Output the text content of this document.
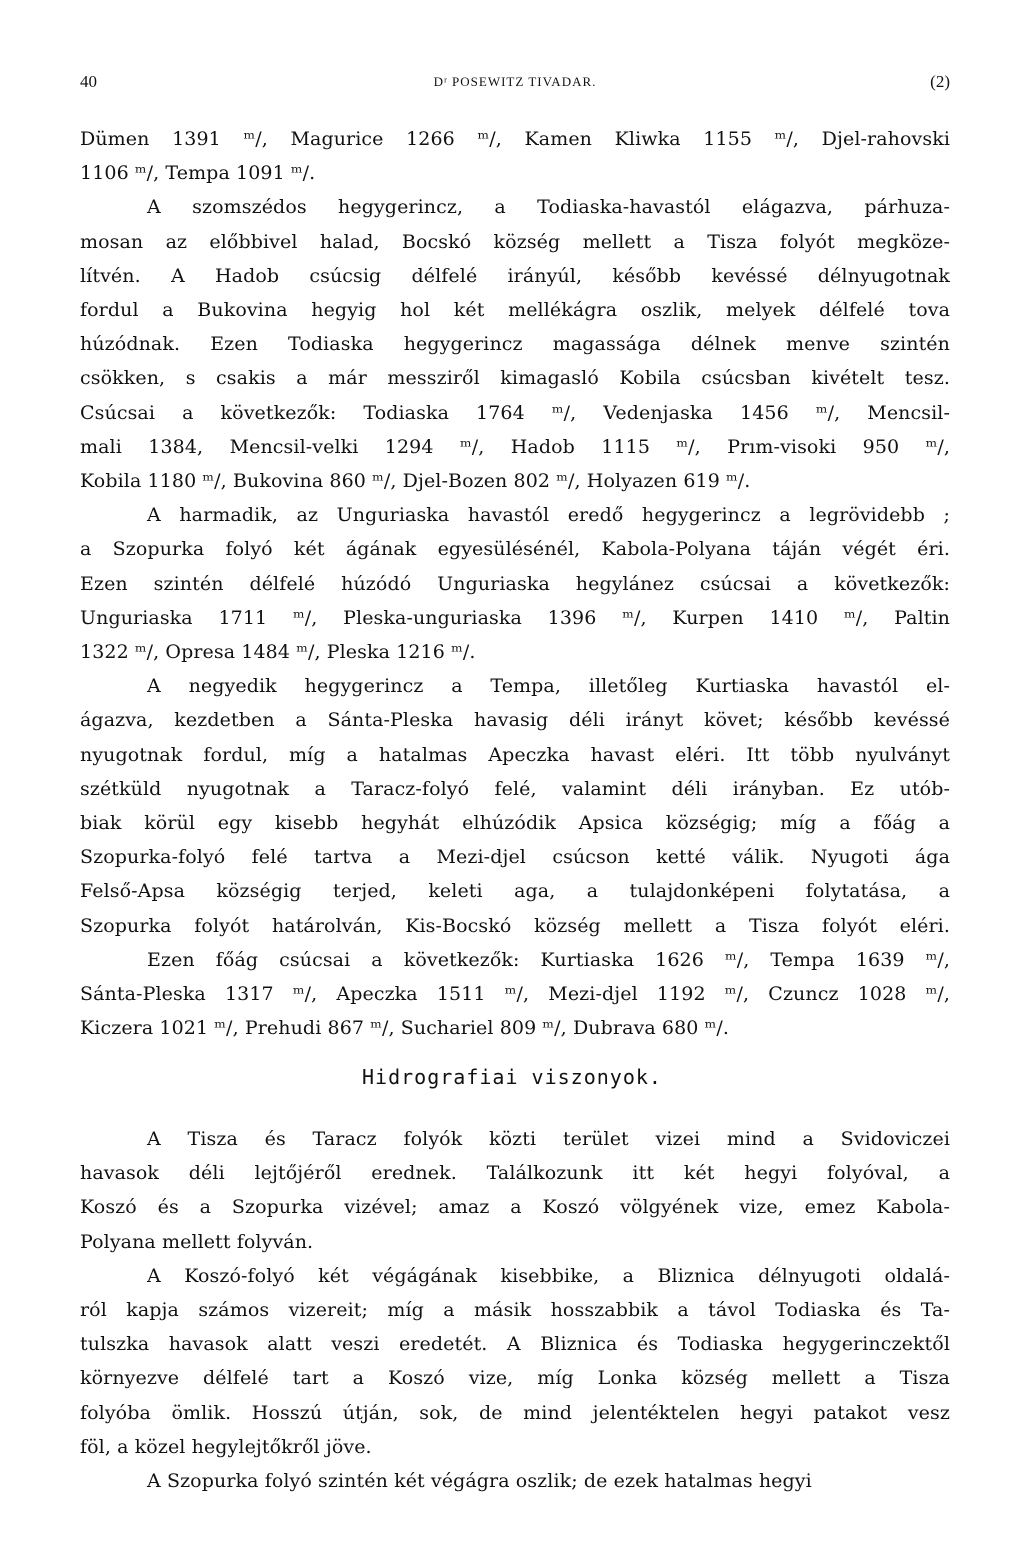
40	Dʳ POSEWITZ TIVADAR.	(2)
Dümen 1391 ᵐ/, Magurice 1266 ᵐ/, Kamen Kliwka 1155 ᵐ/, Djel-rahovski
1106 ᵐ/, Tempa 1091 ᵐ/.
A szomszédos hegygerincz, a Todiaska-havastól elágazva, párhuza-
mosan az előbbivel halad, Bocskó község mellett a Tisza folyót megköze-
lítvén. A Hadob csúcsig délfelé irányúl, később kevéssé délnyugotnak
fordul a Bukovina hegyig hol két mellékágra oszlik, melyek délfelé tova
húzódnak. Ezen Todiaska hegygerincz magassága délnek menve szintén
csökken, s csakis a már messziről kimagasló Kobila csúcsban kivételt tesz.
Csúcsai a következők: Todiaska 1764 ᵐ/, Vedenjaska 1456 ᵐ/, Mencsil-
mali 1384, Mencsil-velki 1294 ᵐ/, Hadob 1115 ᵐ/, Prım-visoki 950 ᵐ/,
Kobila 1180 ᵐ/, Bukovina 860 ᵐ/, Djel-Bozen 802 ᵐ/, Holyazen 619 ᵐ/.
A harmadik, az Unguriaska havastól eredő hegygerincz a legrövidebb ;
a Szopurka folyó két ágának egyesülésénél, Kabola-Polyana táján végét éri.
Ezen szintén délfelé húzódó Unguriaska hegylánez csúcsai a következők:
Unguriaska 1711 ᵐ/, Pleska-unguriaska 1396 ᵐ/, Kurpen 1410 ᵐ/, Paltin
1322 ᵐ/, Opresa 1484 ᵐ/, Pleska 1216 ᵐ/.
A negyedik hegygerincz a Tempa, illetőleg Kurtiaska havastól el-
ágazva, kezdetben a Sánta-Pleska havasig déli irányt követ; később kevéssé
nyugotnak fordul, míg a hatalmas Apeczka havast eléri. Itt több nyulványt
szétküld nyugotnak a Taracz-folyó felé, valamint déli irányban. Ez utób-
biak körül egy kisebb hegyhát elhúzódik Apsica községig; míg a főág a
Szopurka-folyó felé tartva a Mezi-djel csúcson ketté válik. Nyugoti ága
Felső-Apsa községig terjed, keleti aga, a tulajdonképeni folytatása, a
Szopurka folyót határolván, Kis-Bocskó község mellett a Tisza folyót eléri.
Ezen főág csúcsai a következők: Kurtiaska 1626 ᵐ/, Tempa 1639 ᵐ/,
Sánta-Pleska 1317 ᵐ/, Apeczka 1511 ᵐ/, Mezi-djel 1192 ᵐ/, Czuncz 1028 ᵐ/,
Kiczera 1021 ᵐ/, Prehudi 867 ᵐ/, Suchariel 809 ᵐ/, Dubrava 680 ᵐ/.
Hidrografiai viszonyok.
A Tisza és Taracz folyók közti terület vizei mind a Svidoviczei
havasok déli lejtőjéről erednek. Találkozunk itt két hegyi folyóval, a
Koszó és a Szopurka vizével; amaz a Koszó völgyének vize, emez Kabola-
Polyana mellett folyván.
A Koszó-folyó két végágának kisebbike, a Bliznica délnyugoti oldalá-
ról kapja számos vizereit; míg a másik hosszabbik a távol Todiaska és Ta-
tulszka havasok alatt veszi eredetét. A Bliznica és Todiaska hegygerinczektől
környezve délfelé tart a Koszó vize, míg Lonka község mellett a Tisza
folyóba ömlik. Hosszú útján, sok, de mind jelentéktelen hegyi patakot vesz
föl, a közel hegylejtőkről jöve.
A Szopurka folyó szintén két végágra oszlik; de ezek hatalmas hegyi
